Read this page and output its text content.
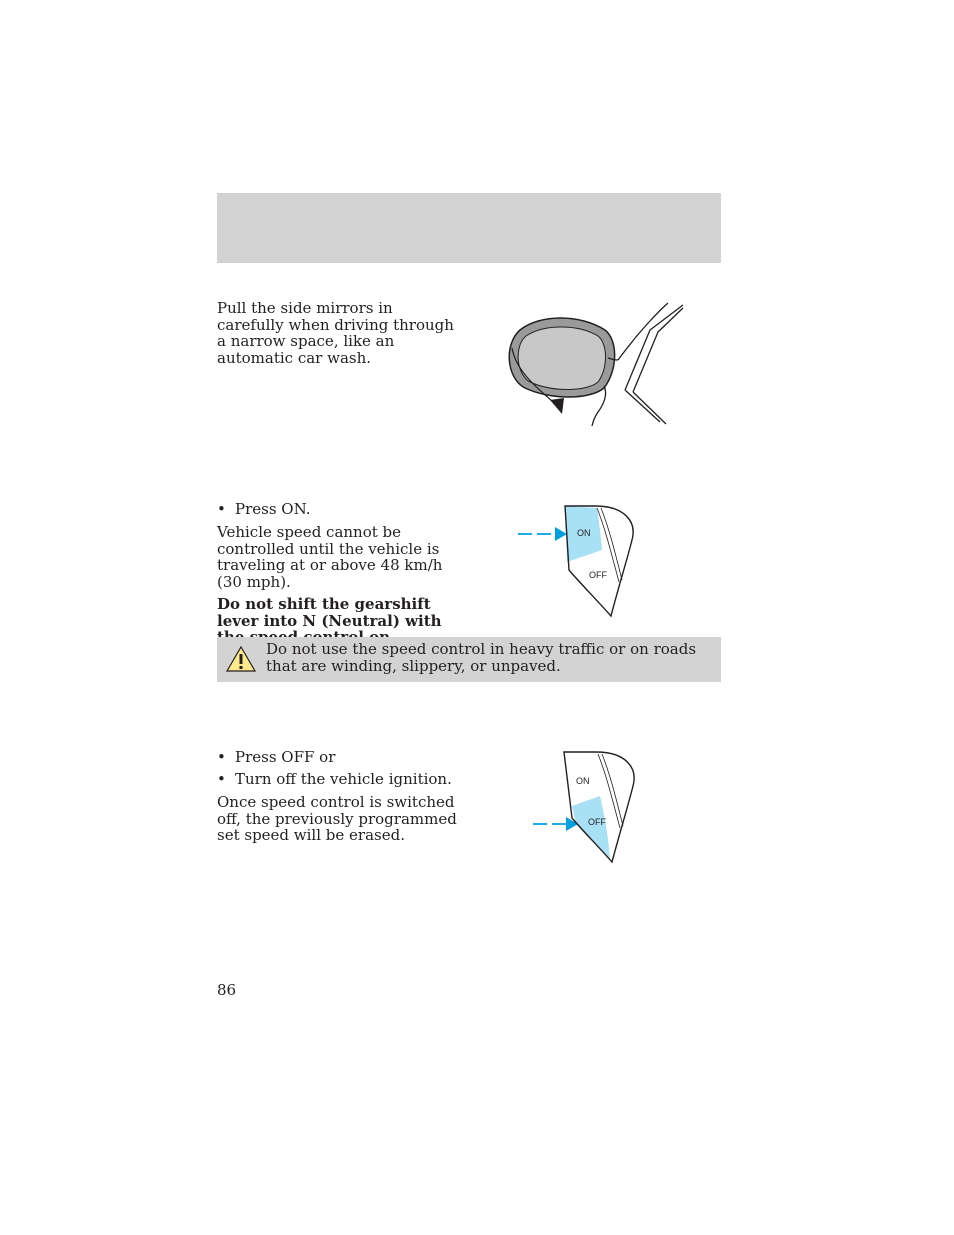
Pull the side mirrors in carefully when driving through a narrow space, like an automatic car wash.
• Press ON.

Vehicle speed cannot be controlled until the vehicle is traveling at or above 48 km/h (30 mph).

Do not shift the gearshift lever into N (Neutral) with

ON
OFF
Do not use the speed control in heavy traffic or on roads that are winding, slippery, or unpaved.
• Press OFF or
• Turn off the vehicle ignition.
Once speed control is switched off, the previously programmed set speed will be erased.
ON
OFF
86
